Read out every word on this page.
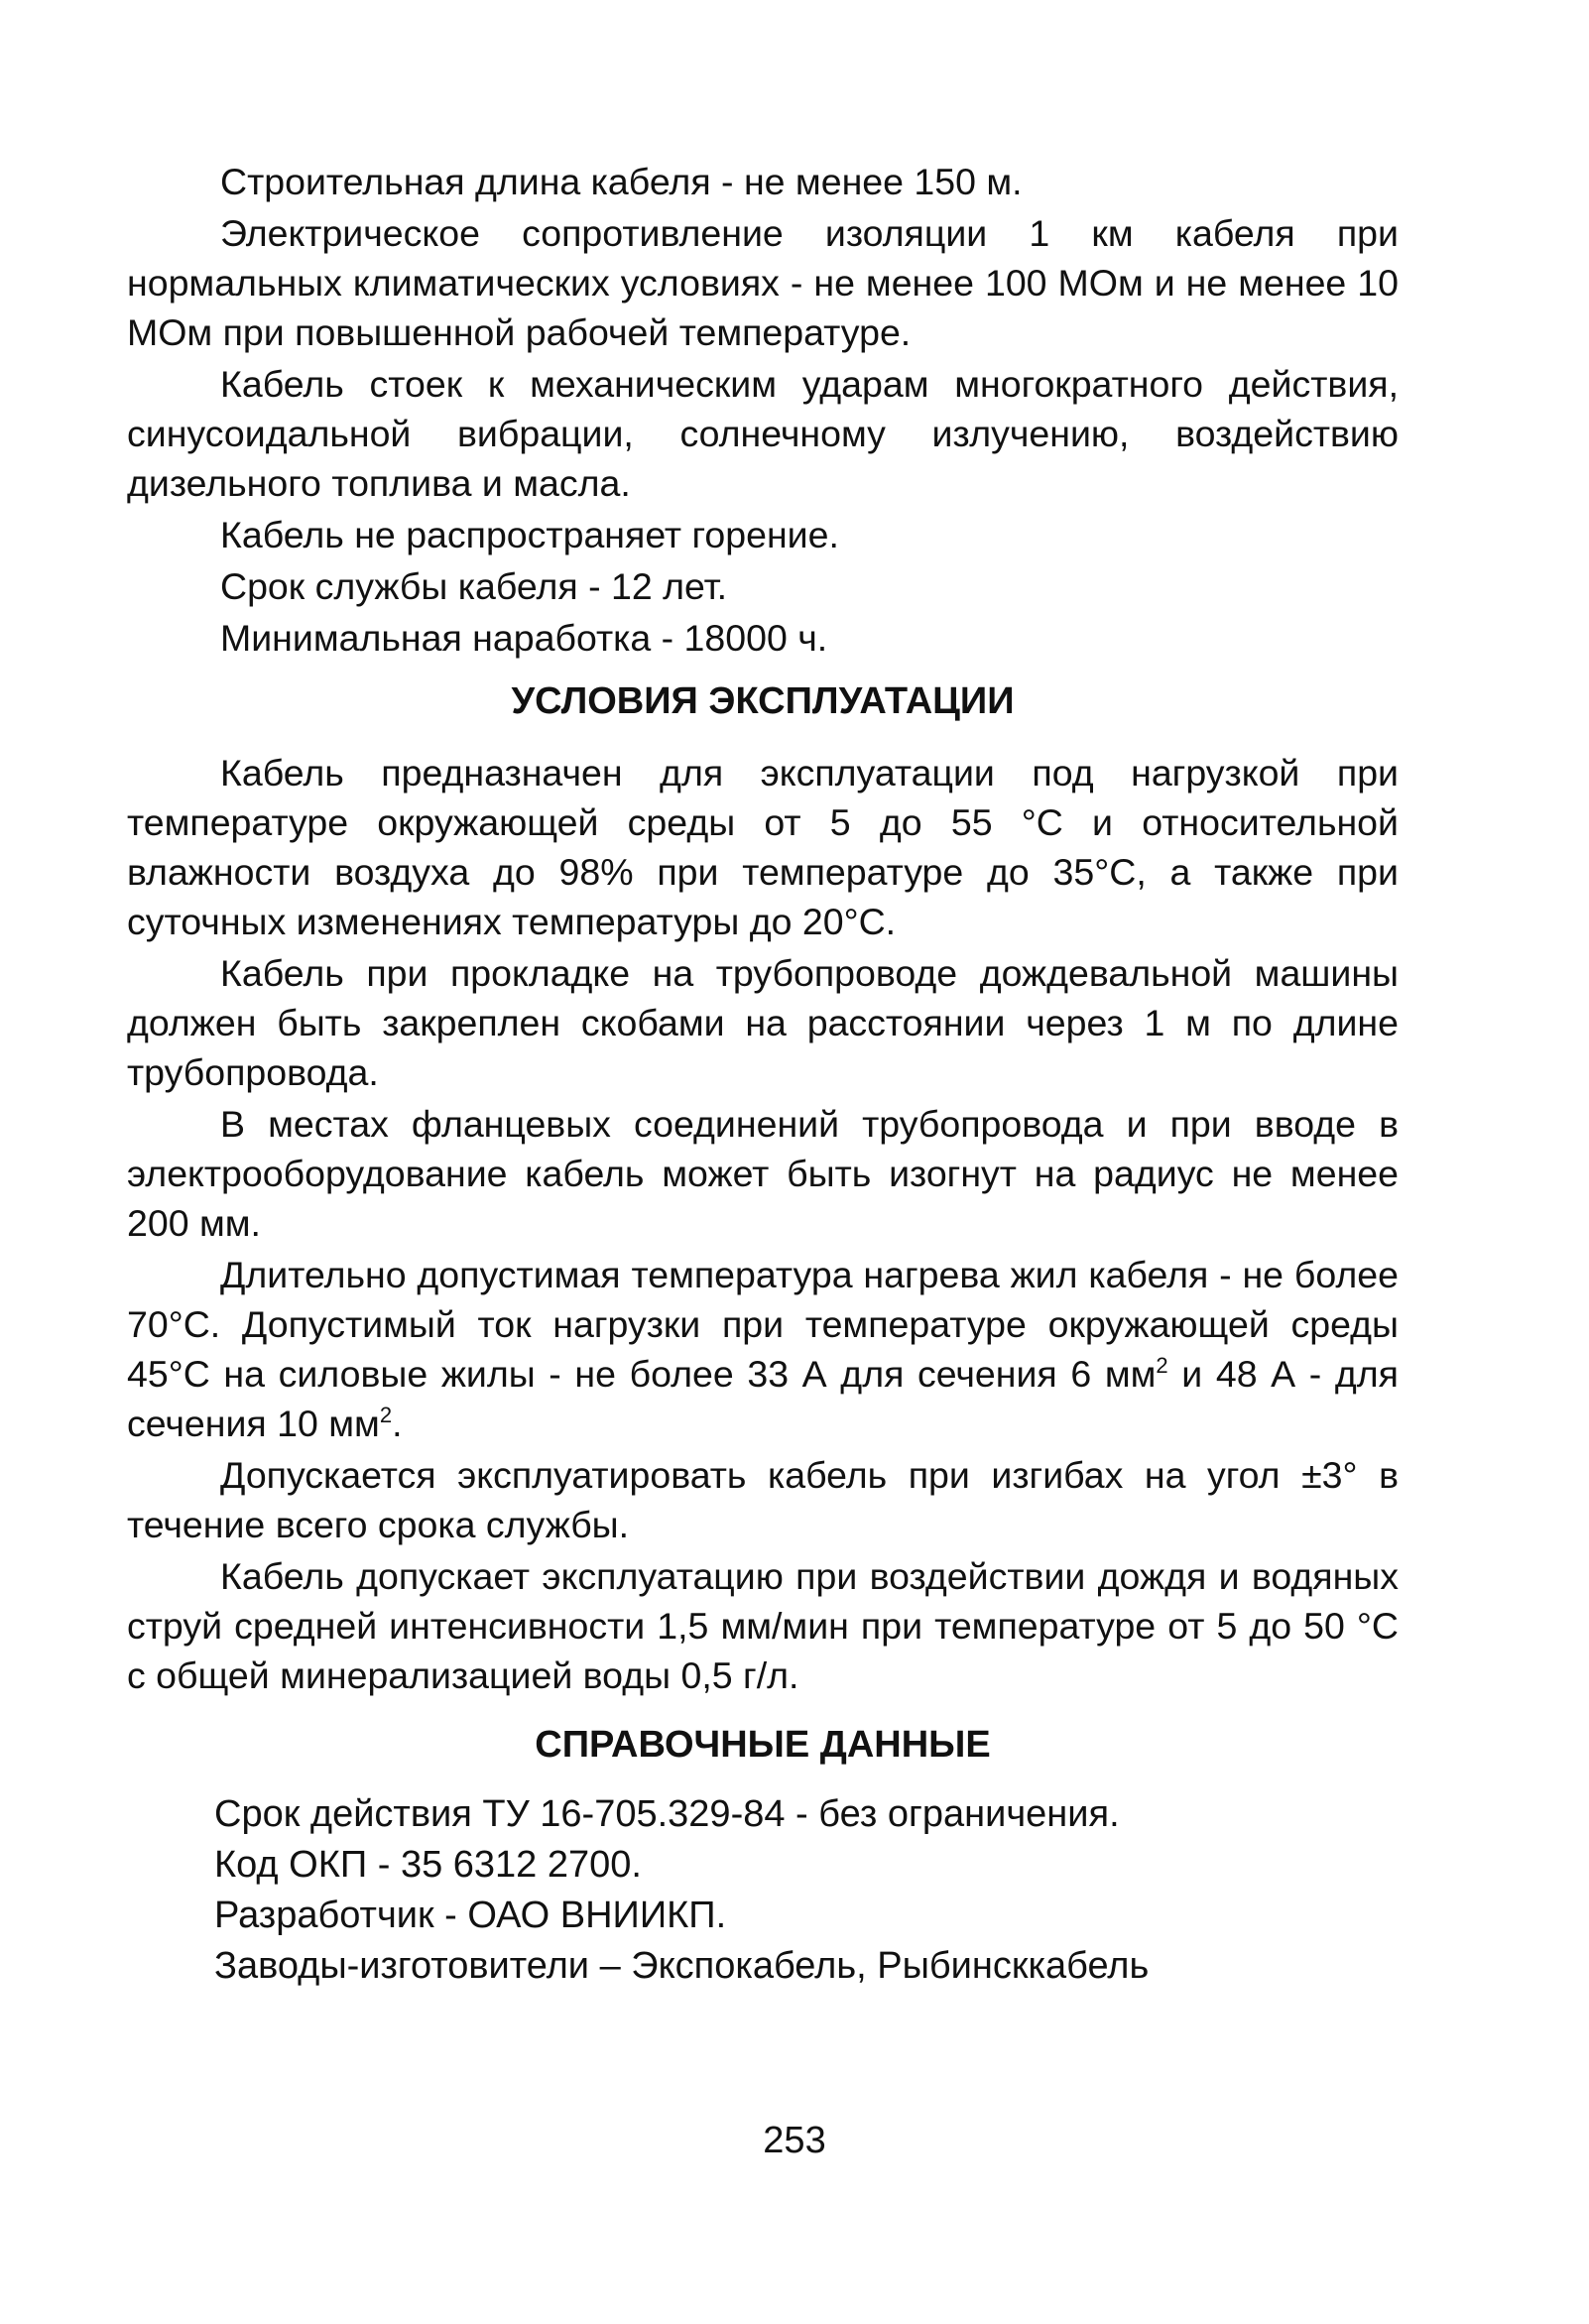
Строительная длина кабеля - не менее 150 м.

Электрическое сопротивление изоляции 1 км кабеля при нормальных климатических условиях - не менее 100 МОм и не менее 10 МОм при повышенной рабочей температуре.

Кабель стоек к механическим ударам многократного действия, синусоидальной вибрации, солнечному излучению, воздействию дизельного топлива и масла.

Кабель не распространяет горение.

Срок службы кабеля - 12 лет.

Минимальная наработка - 18000 ч.

УСЛОВИЯ ЭКСПЛУАТАЦИИ

Кабель предназначен для эксплуатации под нагрузкой при температуре окружающей среды от 5 до 55 °С и относительной влажности воздуха до 98% при температуре до 35°С, а также при суточных изменениях температуры до 20°С.

Кабель при прокладке на трубопроводе дождевальной машины должен быть закреплен скобами на расстоянии через 1 м по длине трубопровода.

В местах фланцевых соединений трубопровода и при вводе в электрооборудование кабель может быть изогнут на радиус не менее 200 мм.

Длительно допустимая температура нагрева жил кабеля - не более 70°С. Допустимый ток нагрузки при температуре окружающей среды 45°С на силовые жилы - не более 33 А для сечения 6 $мм^2$ и 48 А - для сечения 10 $мм^2$.

Допускается эксплуатировать кабель при изгибах на угол ±3° в течение всего срока службы.

Кабель допускает эксплуатацию при воздействии дождя и водяных струй средней интенсивности 1,5 мм/мин при температуре от 5 до 50 °С с общей минерализацией воды 0,5 г/л.

СПРАВОЧНЫЕ ДАННЫЕ

Срок действия ТУ 16-705.329-84 - без ограничения.

Код ОКП - 35 6312 2700.

Разработчик - ОАО ВНИИКП.

Заводы-изготовители – Экспокабель, Рыбинсккабель

253
